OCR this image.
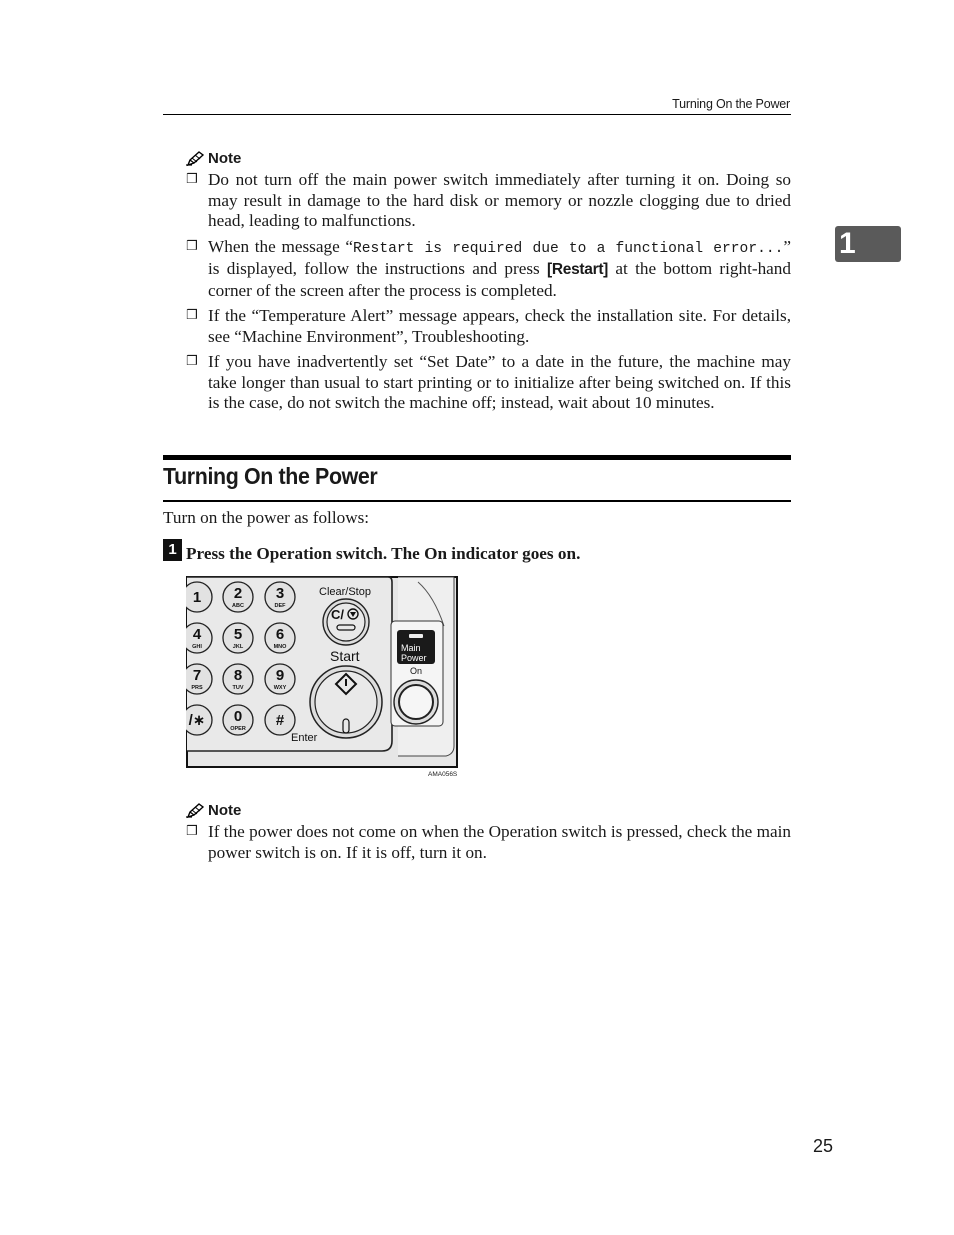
Turning On the Power
1
Note
❒ Do not turn off the main power switch immediately after turning it on. Doing so may result in damage to the hard disk or memory or nozzle clogging due to dried head, leading to malfunctions.
❒ When the message “Restart is required due to a functional error...” is displayed, follow the instructions and press [Restart] at the bottom right-hand corner of the screen after the process is completed.
❒ If the “Temperature Alert” message appears, check the installation site. For details, see “Machine Environment”, Troubleshooting.
❒ If you have inadvertently set “Set Date” to a date in the future, the machine may take longer than usual to start printing or to initialize after being switched on. If this is the case, do not switch the machine off; instead, wait about 10 minutes.
Turning On the Power
Turn on the power as follows:
1 Press the Operation switch. The On indicator goes on.
1 2
ABC
3
DEF
4
GHI
5
JKL
6
MNO
7
PRS
8
TUV
9
WXY
/∗ 0
OPER #
Clear/Stop
C/
Start
Enter
Main
Power
On
AMA056S
Note
❒ If the power does not come on when the Operation switch is pressed, check the main power switch is on. If it is off, turn it on.
25
